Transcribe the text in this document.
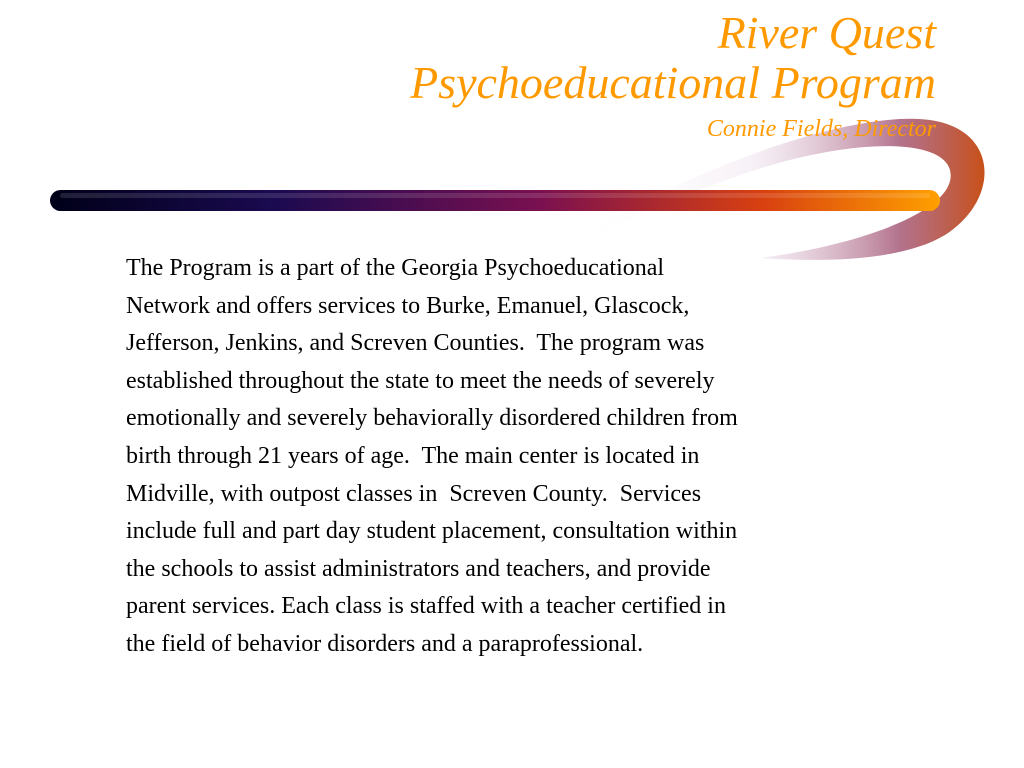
River Quest
Psychoeducational Program
Connie Fields, Director
The Program is a part of the Georgia Psychoeducational
Network and offers services to Burke, Emanuel, Glascock,
Jefferson, Jenkins, and Screven Counties.  The program was
established throughout the state to meet the needs of severely
emotionally and severely behaviorally disordered children from
birth through 21 years of age.  The main center is located in
Midville, with outpost classes in  Screven County.  Services
include full and part day student placement, consultation within
the schools to assist administrators and teachers, and provide
parent services. Each class is staffed with a teacher certified in
the field of behavior disorders and a paraprofessional.
